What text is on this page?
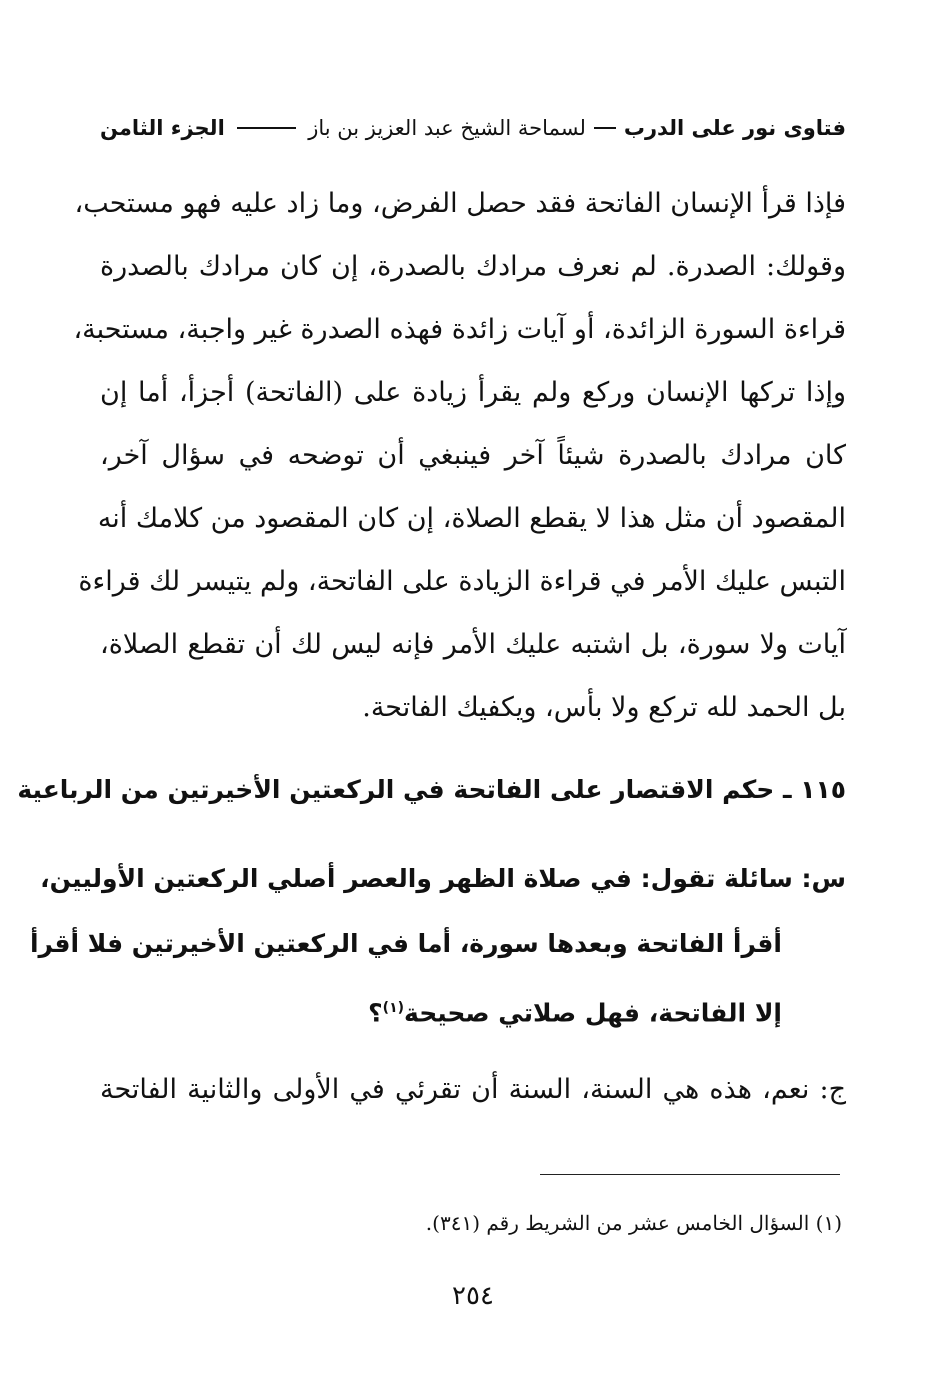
فتاوى نور على الدرب
لسماحة الشيخ عبد العزيز بن باز
الجزء الثامن
فإذا قرأ الإنسان الفاتحة فقد حصل الفرض، وما زاد عليه فهو مستحب،
وقولك: الصدرة. لم نعرف مرادك بالصدرة، إن كان مرادك بالصدرة
قراءة السورة الزائدة، أو آيات زائدة فهذه الصدرة غير واجبة، مستحبة،
وإذا تركها الإنسان وركع ولم يقرأ زيادة على (الفاتحة) أجزأ، أما إن
كان مرادك بالصدرة شيئاً آخر فينبغي أن توضحه في سؤال آخر،
المقصود أن مثل هذا لا يقطع الصلاة، إن كان المقصود من كلامك أنه
التبس عليك الأمر في قراءة الزيادة على الفاتحة، ولم يتيسر لك قراءة
آيات ولا سورة، بل اشتبه عليك الأمر فإنه ليس لك أن تقطع الصلاة،
بل الحمد لله تركع ولا بأس، ويكفيك الفاتحة.
١١٥ ـ حكم الاقتصار على الفاتحة في الركعتين الأخيرتين من الرباعية
س: سائلة تقول: في صلاة الظهر والعصر أصلي الركعتين الأوليين،
أقرأ الفاتحة وبعدها سورة، أما في الركعتين الأخيرتين فلا أقرأ
إلا الفاتحة، فهل صلاتي صحيحة$^{(١)}$؟
ج: نعم، هذه هي السنة، السنة أن تقرئي في الأولى والثانية الفاتحة
(١) السؤال الخامس عشر من الشريط رقم (٣٤١).
٢٥٤
